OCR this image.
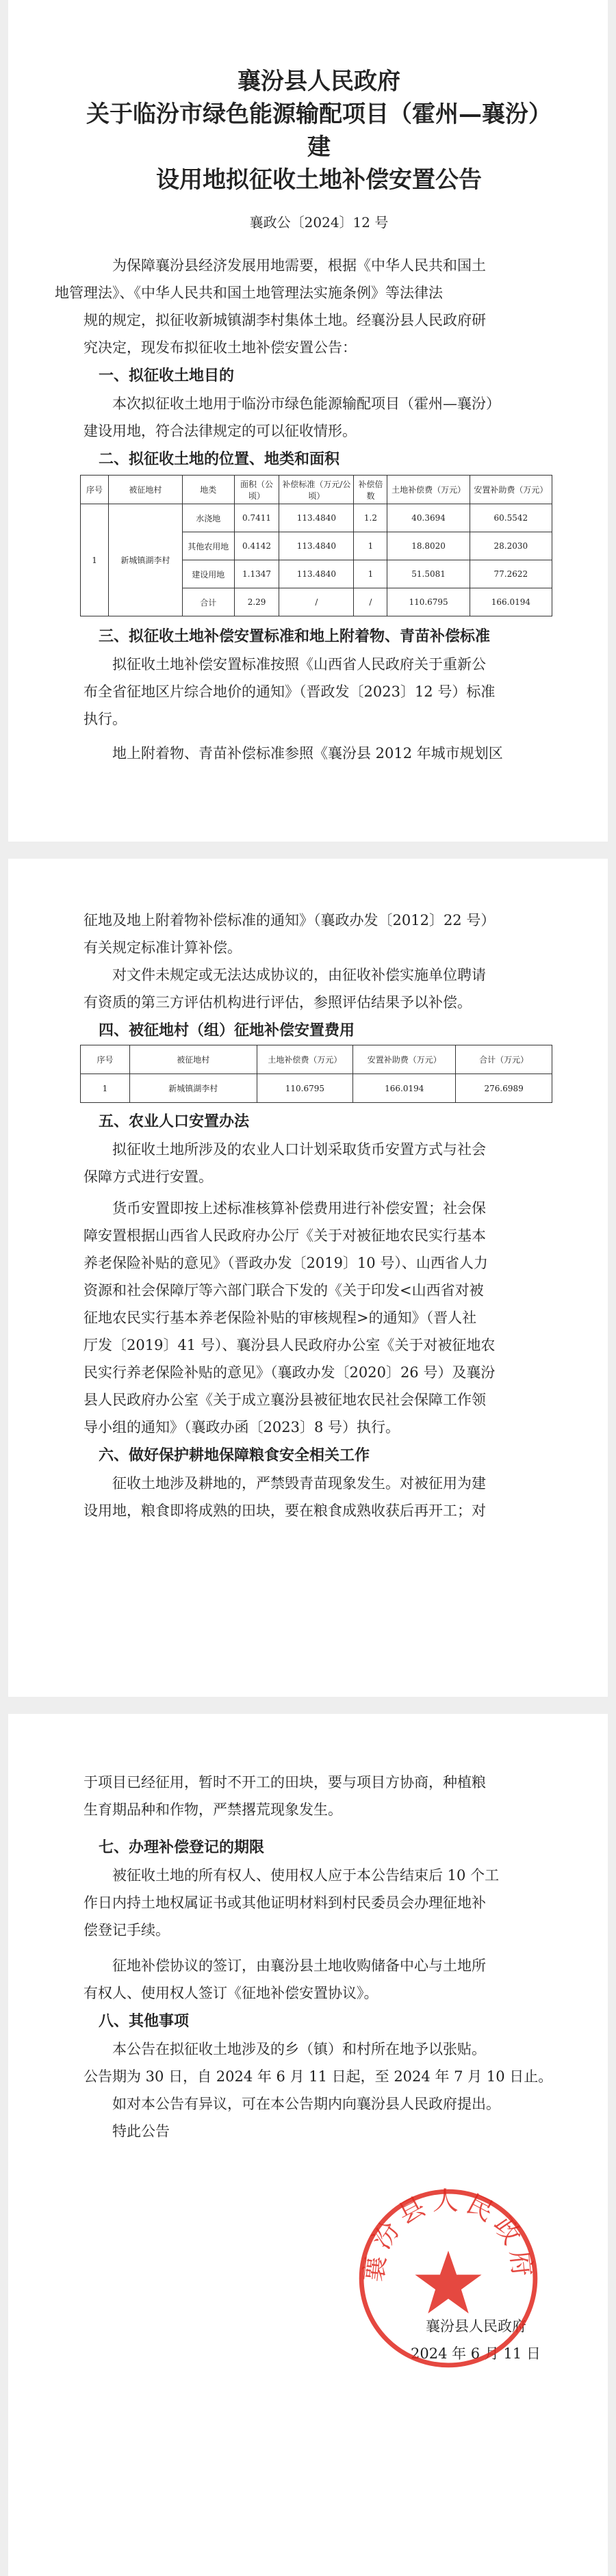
襄汾县人民政府
关于临汾市绿色能源输配项目（霍州—襄汾）建
设用地拟征收土地补偿安置公告
襄政公〔2024〕12 号

为保障襄汾县经济发展用地需要，根据《中华人民共和国土
地管理法》、《中华人民共和国土地管理法实施条例》等法律法
规的规定，拟征收新城镇湖李村集体土地。经襄汾县人民政府研
究决定，现发布拟征收土地补偿安置公告：

一、拟征收土地目的

本次拟征收土地用于临汾市绿色能源输配项目（霍州—襄汾）
建设用地，符合法律规定的可以征收情形。

二、拟征收土地的位置、地类和面积

序号	被征地村	地类	面积（公顷）	补偿标准（万元/公顷）	补偿倍数	土地补偿费（万元）	安置补助费（万元）
1	新城镇湖李村	水浇地	0.7411	113.4840	1.2	40.3694	60.5542
		其他农用地	0.4142	113.4840	1	18.8020	28.2030
		建设用地	1.1347	113.4840	1	51.5081	77.2622
		合计	2.29	/	/	110.6795	166.0194

三、拟征收土地补偿安置标准和地上附着物、青苗补偿标准

拟征收土地补偿安置标准按照《山西省人民政府关于重新公
布全省征地区片综合地价的通知》（晋政发〔2023〕12 号）标准
执行。

地上附着物、青苗补偿标准参照《襄汾县 2012 年城市规划区

征地及地上附着物补偿标准的通知》（襄政办发〔2012〕22 号）
有关规定标准计算补偿。

对文件未规定或无法达成协议的，由征收补偿实施单位聘请
有资质的第三方评估机构进行评估，参照评估结果予以补偿。

四、被征地村（组）征地补偿安置费用

序号	被征地村	土地补偿费（万元）	安置补助费（万元）	合计（万元）
1	新城镇湖李村	110.6795	166.0194	276.6989

五、农业人口安置办法

拟征收土地所涉及的农业人口计划采取货币安置方式与社会
保障方式进行安置。

货币安置即按上述标准核算补偿费用进行补偿安置；社会保
障安置根据山西省人民政府办公厅《关于对被征地农民实行基本
养老保险补贴的意见》（晋政办发〔2019〕10 号）、山西省人力
资源和社会保障厅等六部门联合下发的《关于印发<山西省对被
征地农民实行基本养老保险补贴的审核规程>的通知》（晋人社
厅发〔2019〕41 号）、襄汾县人民政府办公室《关于对被征地农
民实行养老保险补贴的意见》（襄政办发〔2020〕26 号）及襄汾
县人民政府办公室《关于成立襄汾县被征地农民社会保障工作领
导小组的通知》（襄政办函〔2023〕8 号）执行。

六、做好保护耕地保障粮食安全相关工作

征收土地涉及耕地的，严禁毁青苗现象发生。对被征用为建
设用地，粮食即将成熟的田块，要在粮食成熟收获后再开工；对

于项目已经征用，暂时不开工的田块，要与项目方协商，种植粮
生育期品种和作物，严禁撂荒现象发生。

七、办理补偿登记的期限

被征收土地的所有权人、使用权人应于本公告结束后 10 个工
作日内持土地权属证书或其他证明材料到村民委员会办理征地补
偿登记手续。

征地补偿协议的签订，由襄汾县土地收购储备中心与土地所
有权人、使用权人签订《征地补偿安置协议》。

八、其他事项

本公告在拟征收土地涉及的乡（镇）和村所在地予以张贴。

公告期为 30 日，自 2024 年 6 月 11 日起，至 2024 年 7 月 10 日止。

如对本公告有异议，可在本公告期内向襄汾县人民政府提出。

特此公告

襄汾县人民政府
2024 年 6 月 11 日
襄汾县人民政府
